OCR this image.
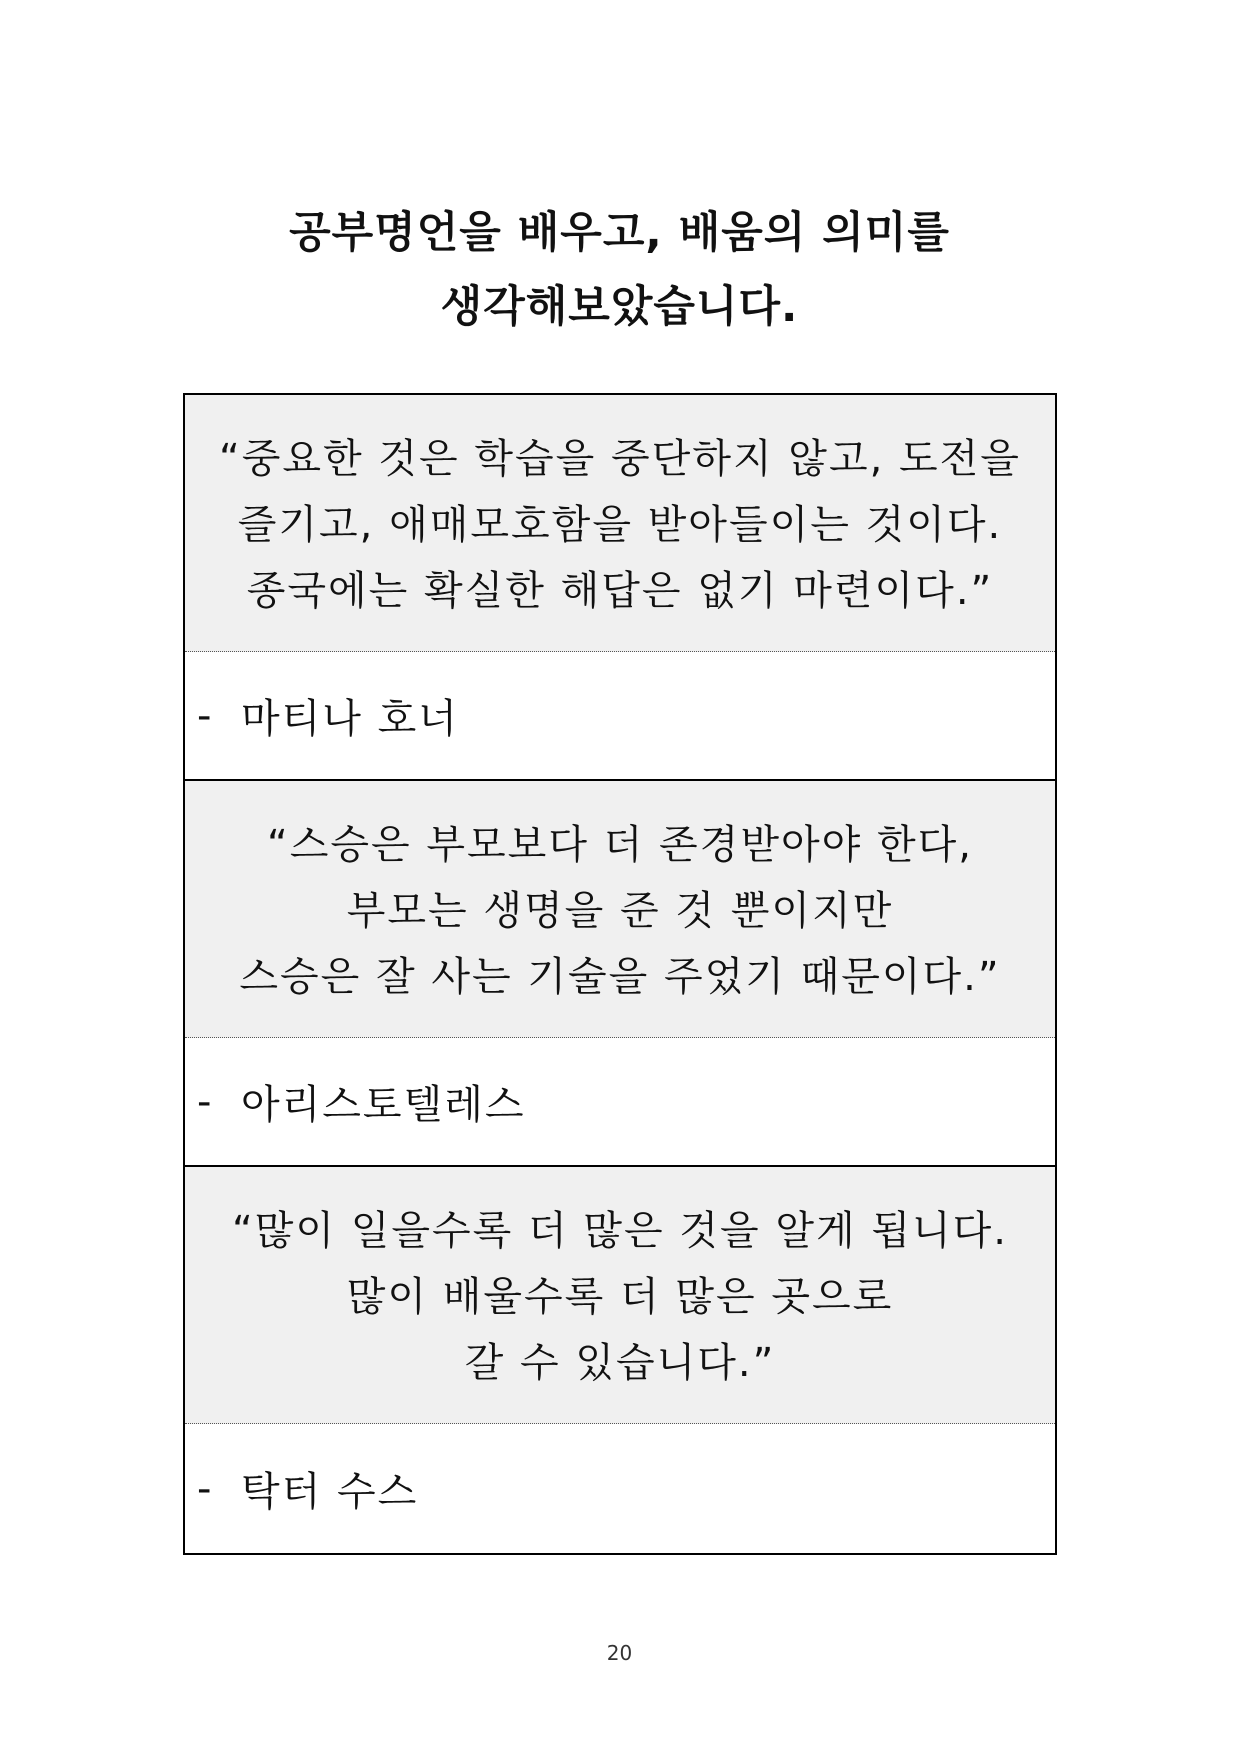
공부명언을 배우고, 배움의 의미를
생각해보았습니다.
“중요한 것은 학습을 중단하지 않고, 도전을
즐기고, 애매모호함을 받아들이는 것이다.
종국에는 확실한 해답은 없기 마련이다.”
- 마티나 호너
“스승은 부모보다 더 존경받아야 한다,
부모는 생명을 준 것 뿐이지만
스승은 잘 사는 기술을 주었기 때문이다.”
- 아리스토텔레스
“많이 일을수록 더 많은 것을 알게 됩니다.
많이 배울수록 더 많은 곳으로
갈 수 있습니다.”
- 탁터 수스
20
